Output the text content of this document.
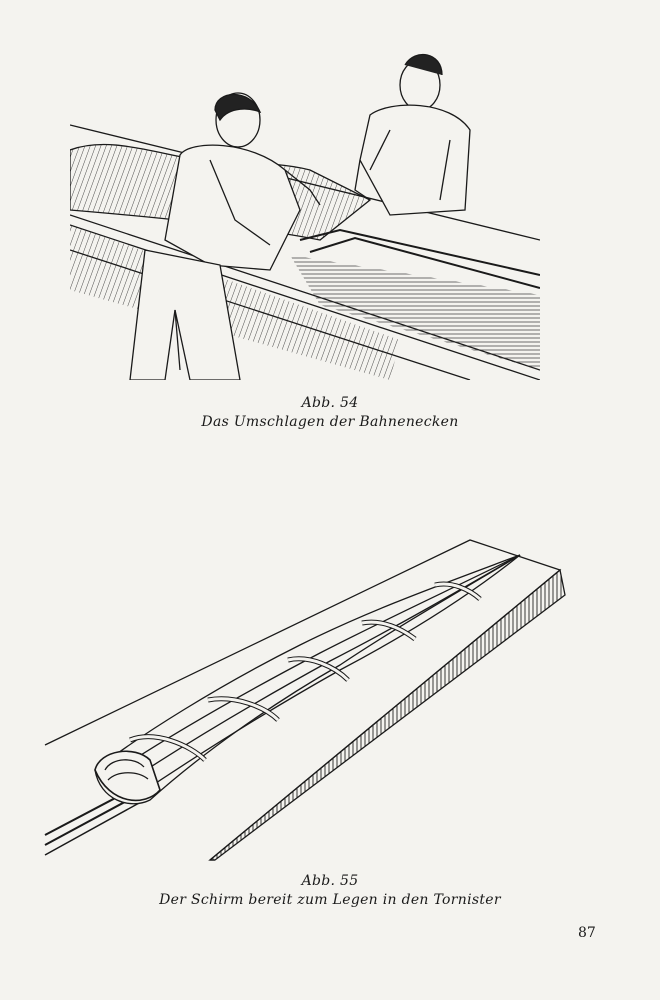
Abb. 54
Das Umschlagen der Bahnenecken
Abb. 55
Der Schirm bereit zum Legen in den Tornister
87
